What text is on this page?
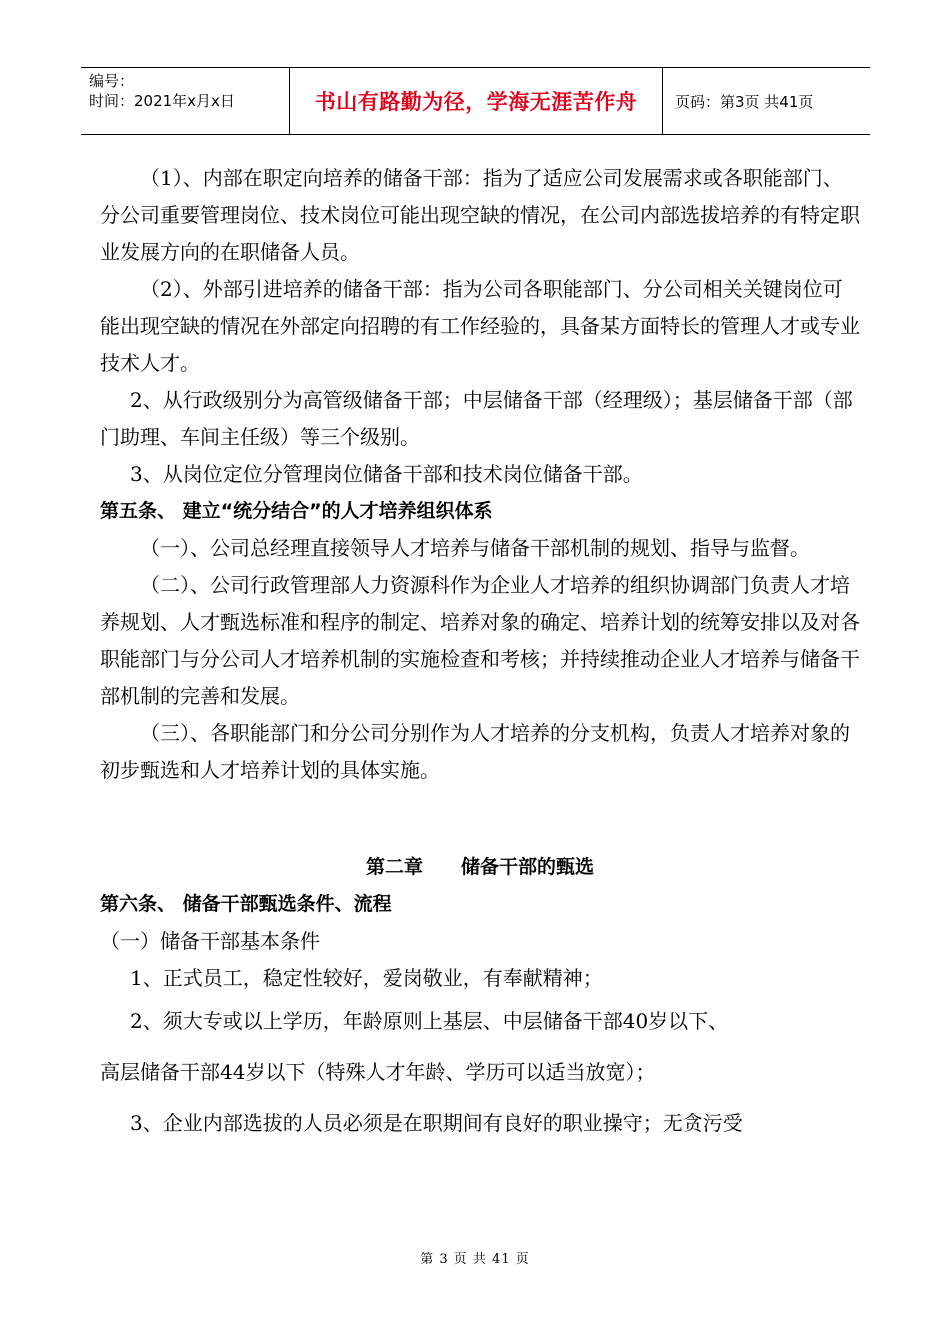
编号：
时间：2021年x月x日	书山有路勤为径，学海无涯苦作舟	页码：第3页 共41页

（1）、内部在职定向培养的储备干部：指为了适应公司发展需求或各职能部门、分公司重要管理岗位、技术岗位可能出现空缺的情况，在公司内部选拔培养的有特定职业发展方向的在职储备人员。

（2）、外部引进培养的储备干部：指为公司各职能部门、分公司相关关键岗位可能出现空缺的情况在外部定向招聘的有工作经验的，具备某方面特长的管理人才或专业技术人才。

2、从行政级别分为高管级储备干部；中层储备干部（经理级）；基层储备干部（部门助理、车间主任级）等三个级别。

3、从岗位定位分管理岗位储备干部和技术岗位储备干部。

第五条、 建立“统分结合”的人才培养组织体系

（一）、公司总经理直接领导人才培养与储备干部机制的规划、指导与监督。

（二）、公司行政管理部人力资源科作为企业人才培养的组织协调部门负责人才培养规划、人才甄选标准和程序的制定、培养对象的确定、培养计划的统筹安排以及对各职能部门与分公司人才培养机制的实施检查和考核；并持续推动企业人才培养与储备干部机制的完善和发展。

（三）、各职能部门和分公司分别作为人才培养的分支机构，负责人才培养对象的初步甄选和人才培养计划的具体实施。

第二章　　储备干部的甄选

第六条、 储备干部甄选条件、流程

（一）储备干部基本条件

1、正式员工，稳定性较好，爱岗敬业，有奉献精神；

2、须大专或以上学历，年龄原则上基层、中层储备干部40岁以下、

高层储备干部44岁以下（特殊人才年龄、学历可以适当放宽）；

3、企业内部选拔的人员必须是在职期间有良好的职业操守；无贪污受

第 3 页 共 41 页
